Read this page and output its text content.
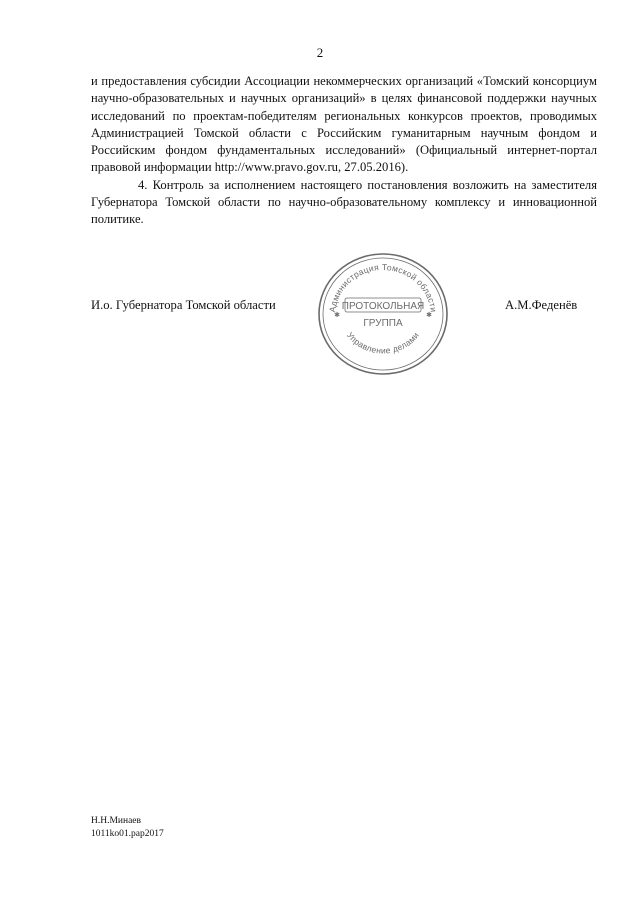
2

и предоставления субсидии Ассоциации некоммерческих организаций «Томский консорциум научно-образовательных и научных организаций» в целях финансовой поддержки научных исследований по проектам-победителям региональных конкурсов проектов, проводимых Администрацией Томской области с Российским гуманитарным научным фондом и Российским фондом фундаментальных исследований» (Официальный интернет-портал правовой информации http://www.pravo.gov.ru, 27.05.2016).

4. Контроль за исполнением настоящего постановления возложить на заместителя Губернатора Томской области по научно-образовательному комплексу и инновационной политике.

И.о. Губернатора Томской области	А.М.Феденёв
Администрация Томской области
Управление делами
✱	✱
ПРОТОКОЛЬНАЯ
ГРУППА
Н.Н.Минаев
1011ko01.pap2017
